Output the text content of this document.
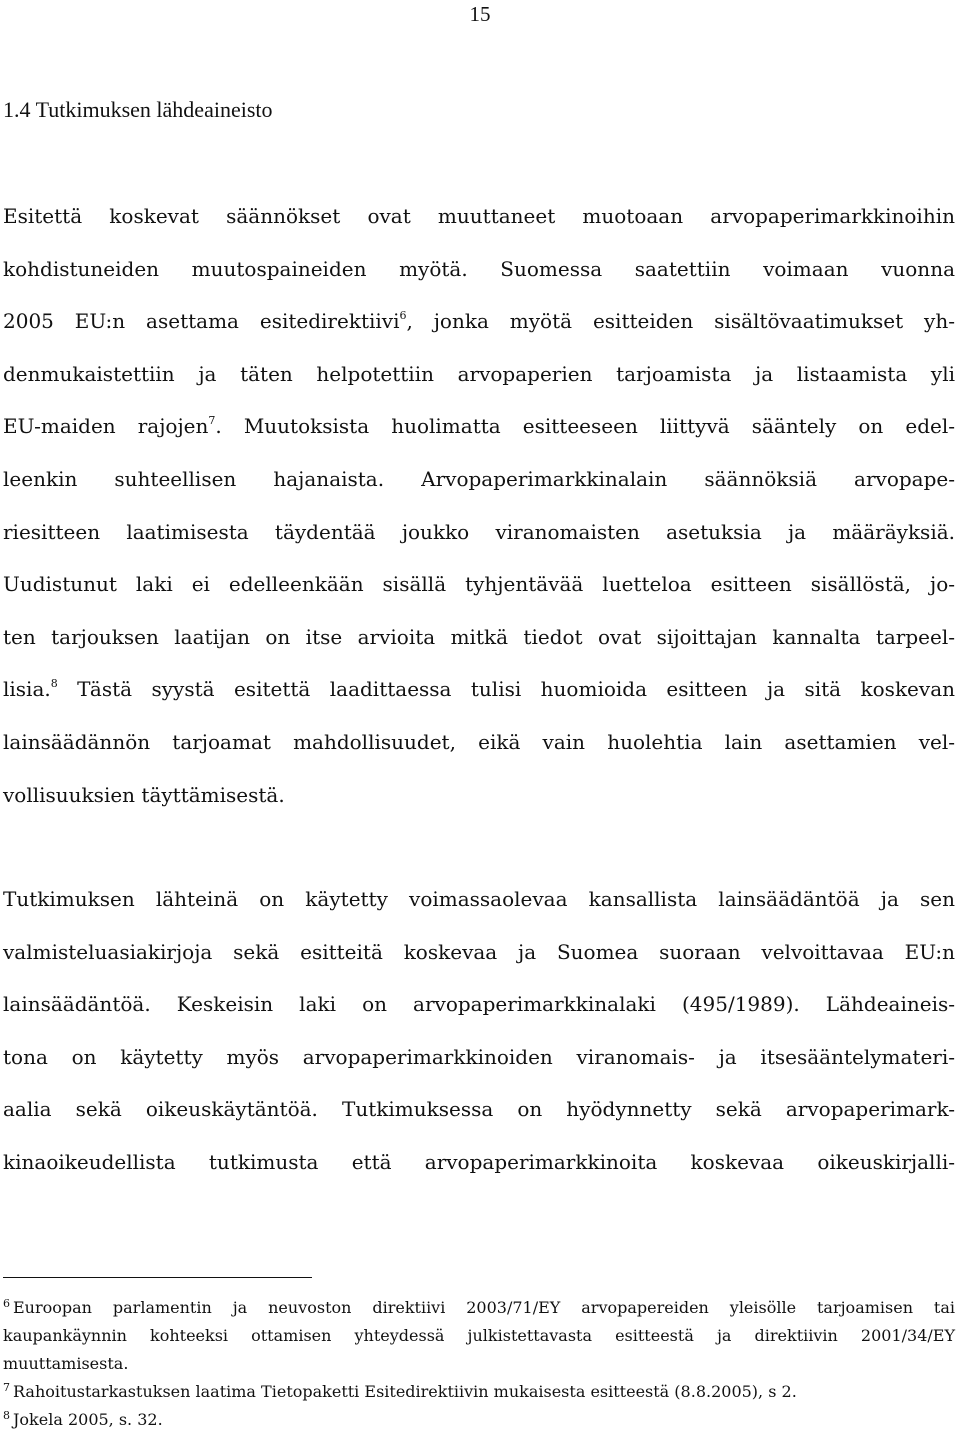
15
1.4 Tutkimuksen lähdeaineisto
Esitettä koskevat säännökset ovat muuttaneet muotoaan arvopaperimarkkinoihin
kohdistuneiden muutospaineiden myötä. Suomessa saatettiin voimaan vuonna
2005 EU:n asettama esitedirektiivi$^6$, jonka myötä esitteiden sisältövaatimukset yh-
denmukaistettiin ja täten helpotettiin arvopaperien tarjoamista ja listaamista yli
EU-maiden rajojen$^7$. Muutoksista huolimatta esitteeseen liittyvä sääntely on edel-
leenkin suhteellisen hajanaista. Arvopaperimarkkinalain säännöksiä arvopape-
riesitteen laatimisesta täydentää joukko viranomaisten asetuksia ja määräyksiä.
Uudistunut laki ei edelleenkään sisällä tyhjentävää luetteloa esitteen sisällöstä, jo-
ten tarjouksen laatijan on itse arvioita mitkä tiedot ovat sijoittajan kannalta tarpeel-
lisia.$^8$ Tästä syystä esitettä laadittaessa tulisi huomioida esitteen ja sitä koskevan
lainsäädännön tarjoamat mahdollisuudet, eikä vain huolehtia lain asettamien vel-
vollisuuksien täyttämisestä.
Tutkimuksen lähteinä on käytetty voimassaolevaa kansallista lainsäädäntöä ja sen
valmisteluasiakirjoja sekä esitteitä koskevaa ja Suomea suoraan velvoittavaa EU:n
lainsäädäntöä. Keskeisin laki on arvopaperimarkkinalaki (495/1989). Lähdeaineis-
tona on käytetty myös arvopaperimarkkinoiden viranomais- ja itsesääntelymateri-
aalia sekä oikeuskäytäntöä. Tutkimuksessa on hyödynnetty sekä arvopaperimark-
kinaoikeudellista tutkimusta että arvopaperimarkkinoita koskevaa oikeuskirjalli-

$^6$ Euroopan parlamentin ja neuvoston direktiivi 2003/71/EY arvopapereiden yleisölle tarjoamisen tai
kaupankäynnin kohteeksi ottamisen yhteydessä julkistettavasta esitteestä ja direktiivin 2001/34/EY
muuttamisesta.

$^7$ Rahoitustarkastuksen laatima Tietopaketti Esitedirektiivin mukaisesta esitteestä (8.8.2005), s 2.

$^8$ Jokela 2005, s. 32.
